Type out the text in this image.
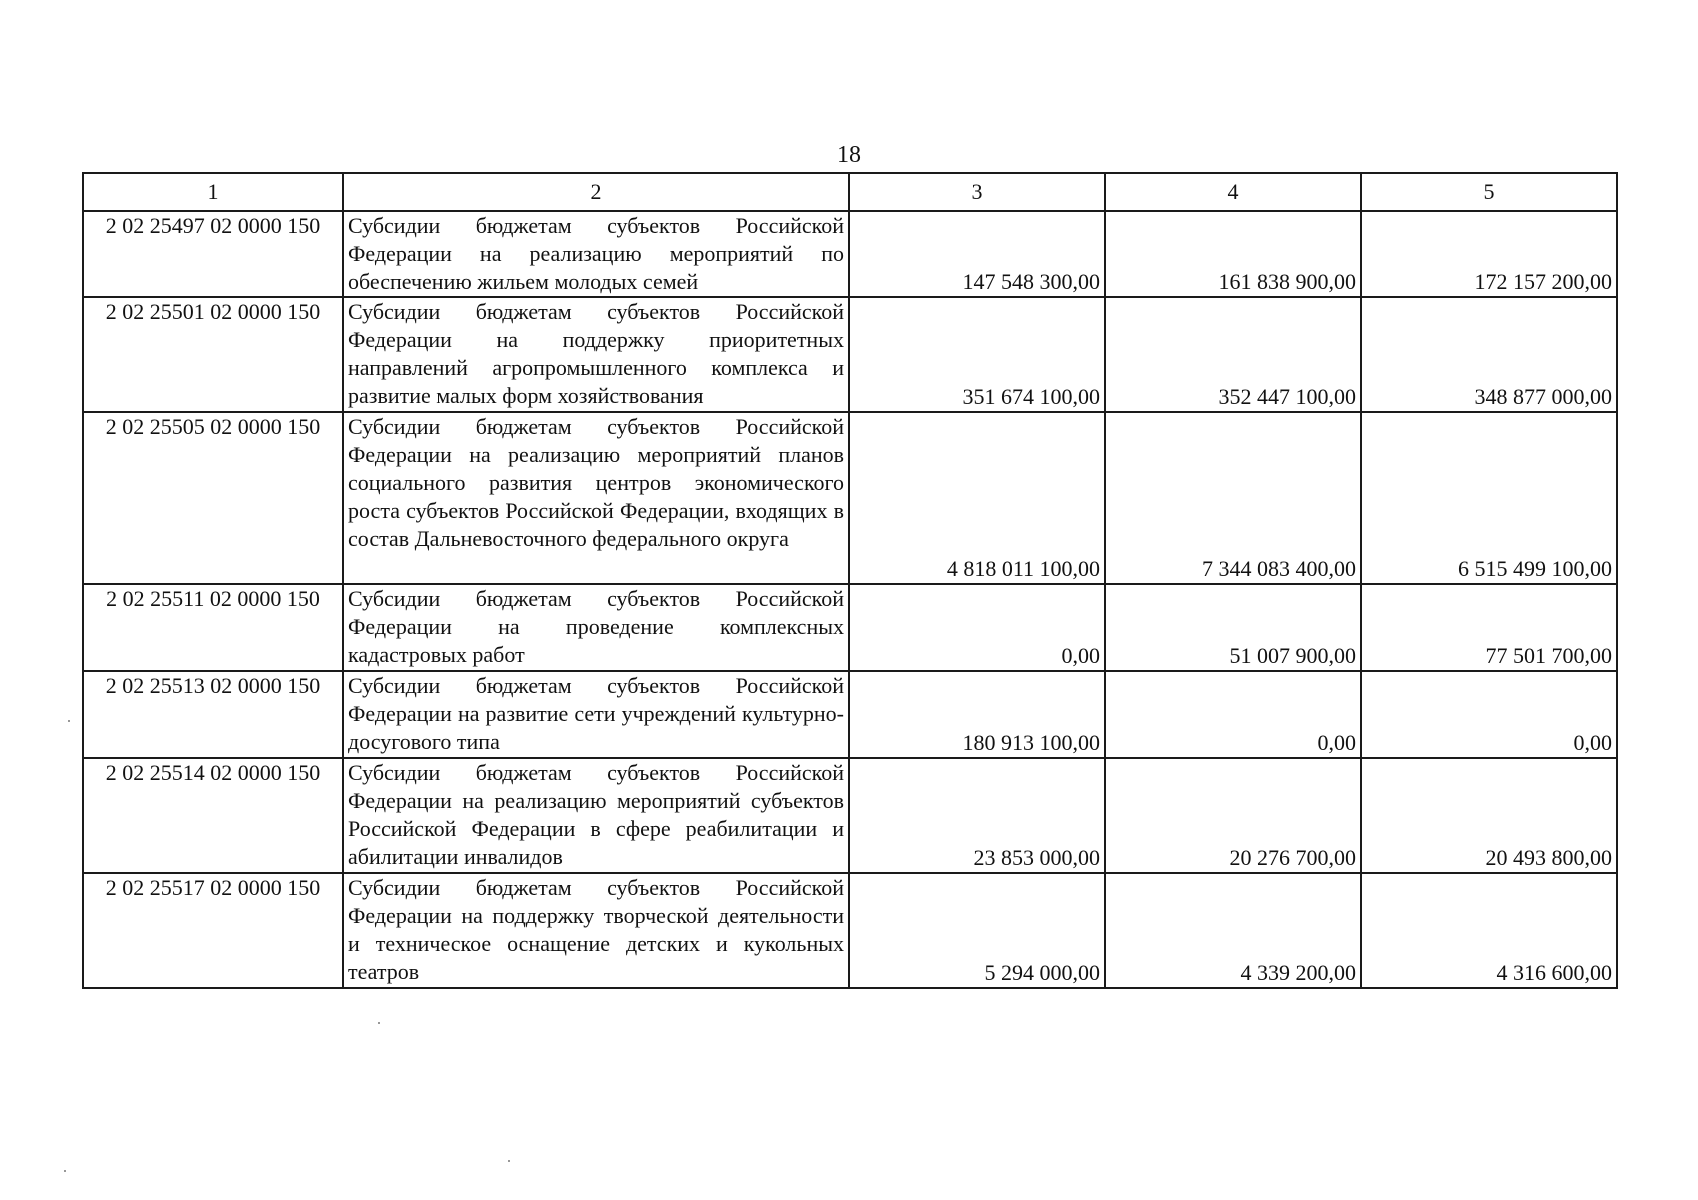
18
1	2	3	4	5
2 02 25497 02 0000 150	Субсидии бюджетам субъектов Российской Федерации на реализацию мероприятий по обеспечению жильем молодых семей	147 548 300,00	161 838 900,00	172 157 200,00
2 02 25501 02 0000 150	Субсидии бюджетам субъектов Российской Федерации на поддержку приоритетных направлений агропромышленного комплекса и развитие малых форм хозяйствования	351 674 100,00	352 447 100,00	348 877 000,00
2 02 25505 02 0000 150	Субсидии бюджетам субъектов Российской Федерации на реализацию мероприятий планов социального развития центров экономического роста субъектов Российской Федерации, входящих в состав Дальневосточного федерального округа	4 818 011 100,00	7 344 083 400,00	6 515 499 100,00
2 02 25511 02 0000 150	Субсидии бюджетам субъектов Российской Федерации на проведение комплексных кадастровых работ	0,00	51 007 900,00	77 501 700,00
2 02 25513 02 0000 150	Субсидии бюджетам субъектов Российской Федерации на развитие сети учреждений культурно-досугового типа	180 913 100,00	0,00	0,00
2 02 25514 02 0000 150	Субсидии бюджетам субъектов Российской Федерации на реализацию мероприятий субъектов Российской Федерации в сфере реабилитации и абилитации инвалидов	23 853 000,00	20 276 700,00	20 493 800,00
2 02 25517 02 0000 150	Субсидии бюджетам субъектов Российской Федерации на поддержку творческой деятельности и техническое оснащение детских и кукольных театров	5 294 000,00	4 339 200,00	4 316 600,00
